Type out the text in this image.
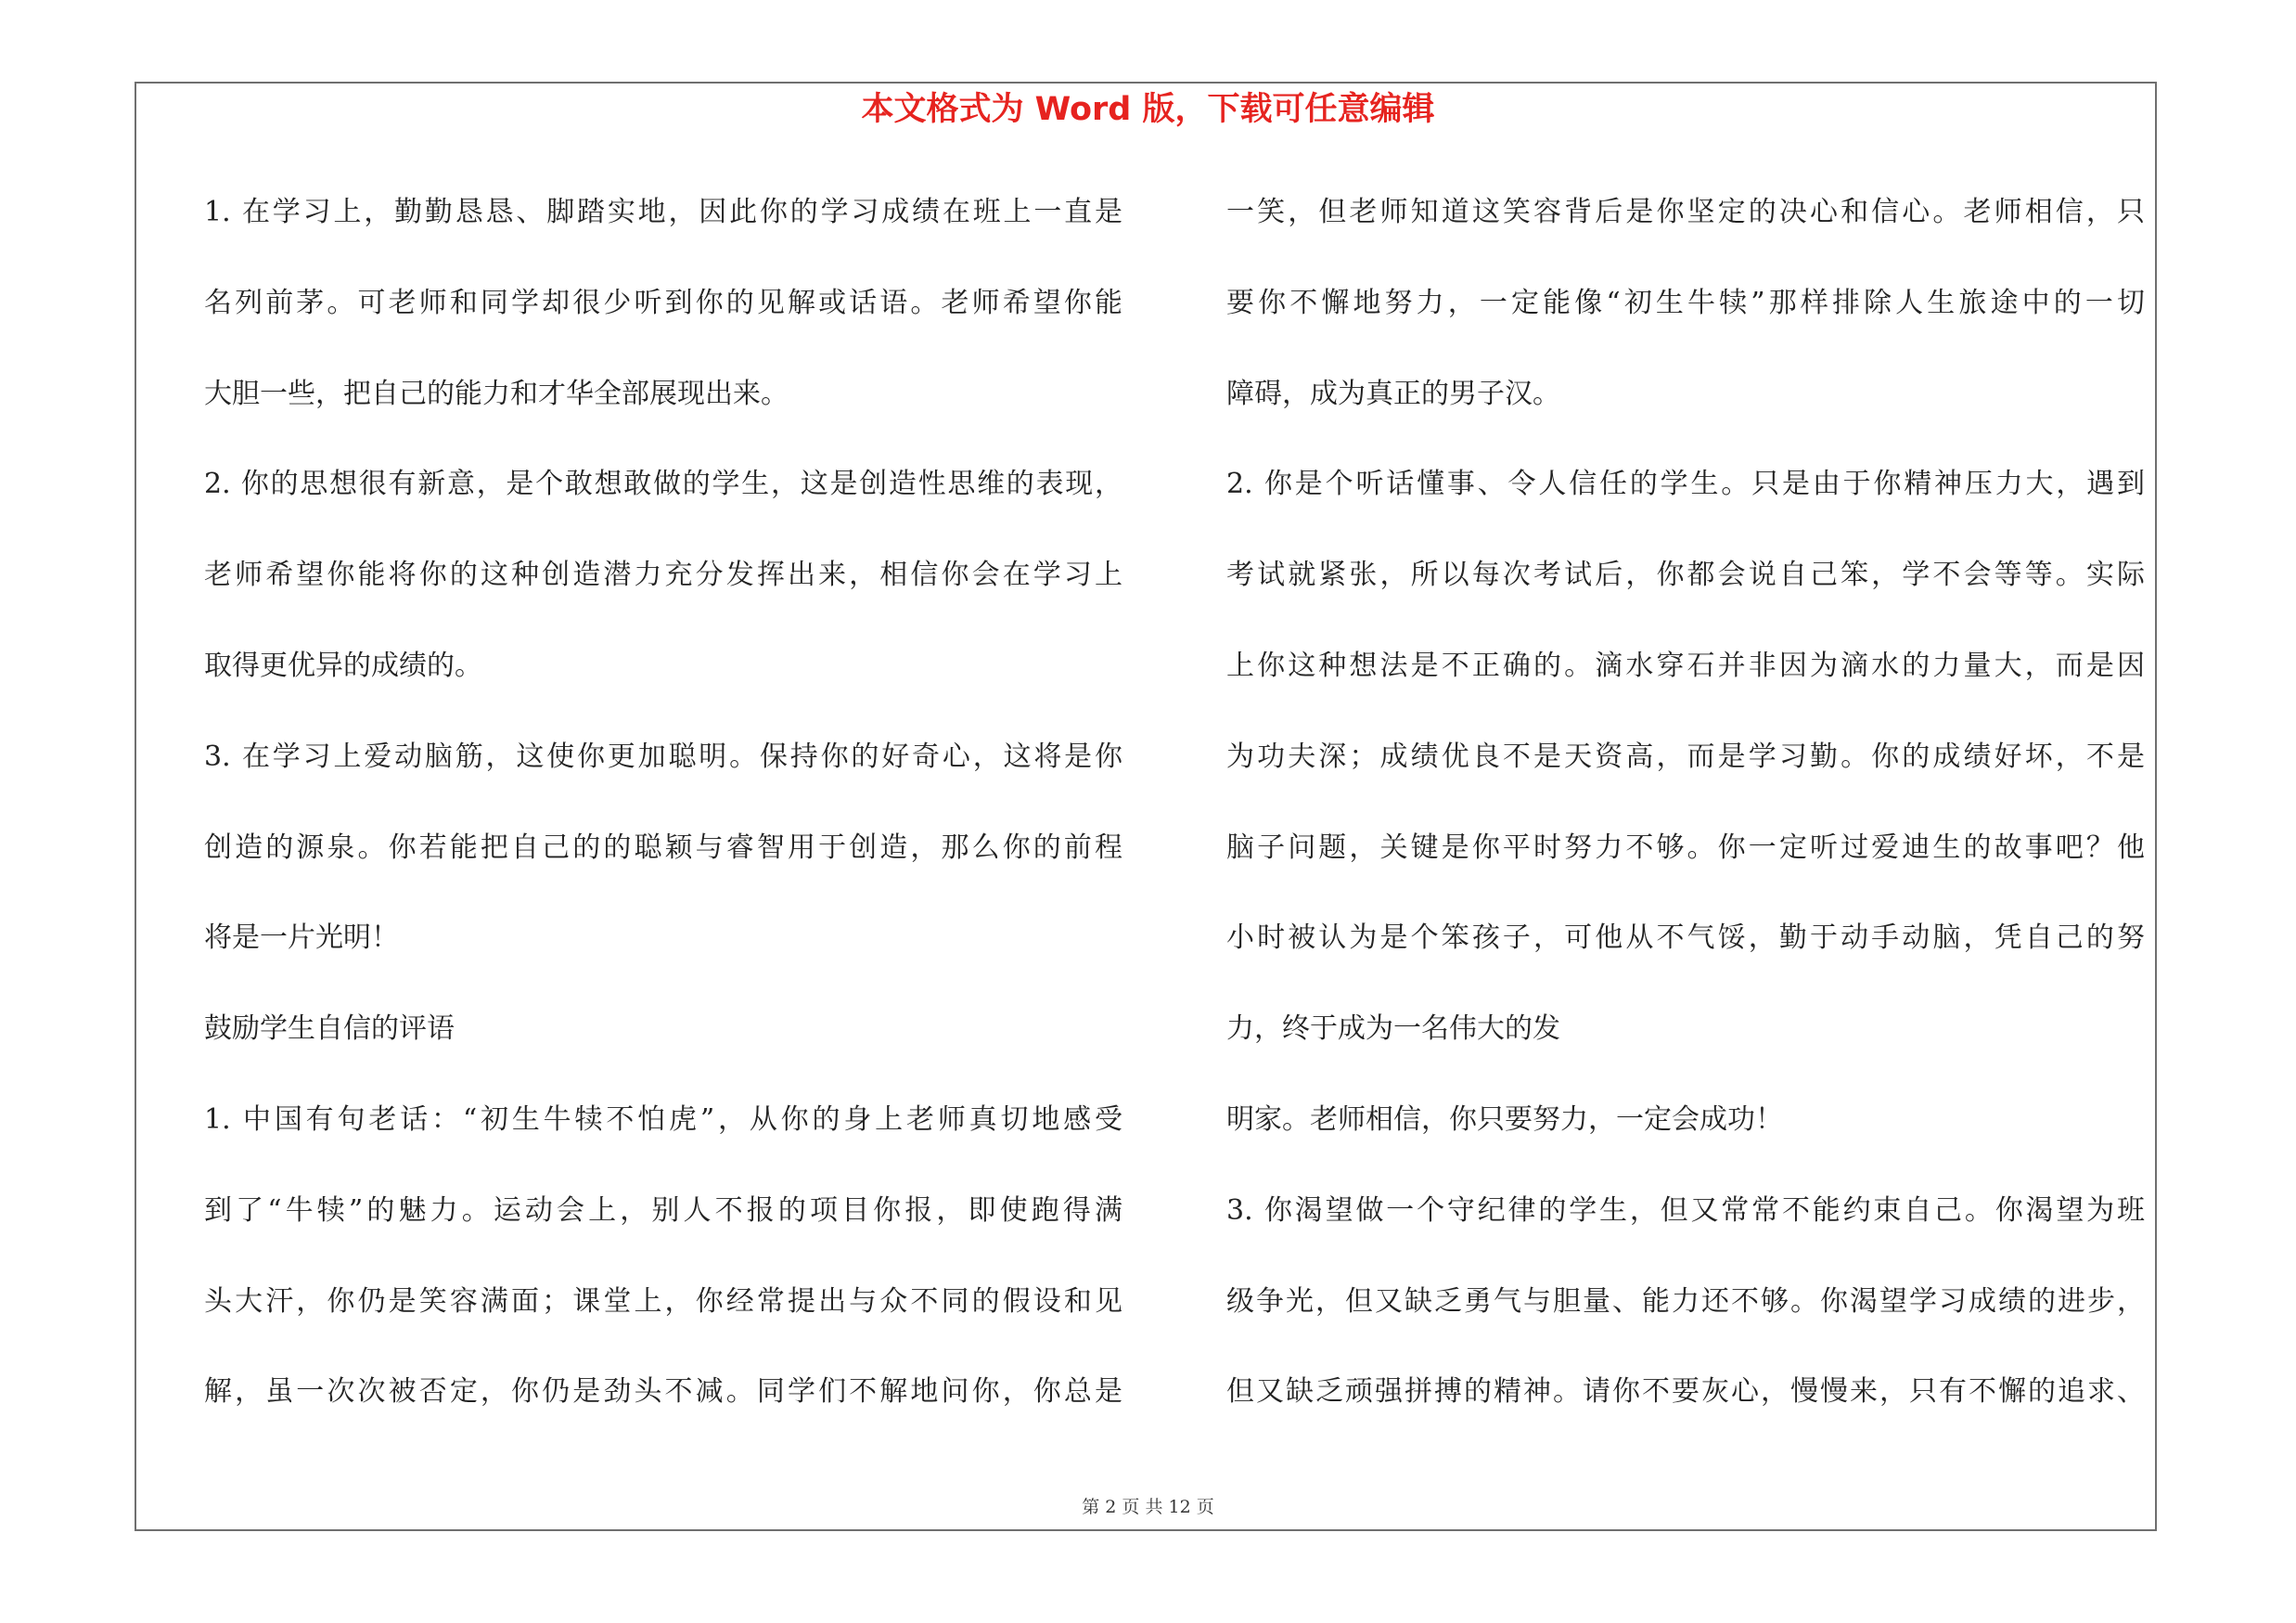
本文格式为 Word 版，下载可任意编辑
1. 在学习上，勤勤恳恳、脚踏实地，因此你的学习成绩在班上一直是
名列前茅。可老师和同学却很少听到你的见解或话语。老师希望你能
大胆一些，把自己的能力和才华全部展现出来。
2. 你的思想很有新意，是个敢想敢做的学生，这是创造性思维的表现，
老师希望你能将你的这种创造潜力充分发挥出来，相信你会在学习上
取得更优异的成绩的。
3. 在学习上爱动脑筋，这使你更加聪明。保持你的好奇心，这将是你
创造的源泉。你若能把自己的的聪颖与睿智用于创造，那么你的前程
将是一片光明！
鼓励学生自信的评语
1. 中国有句老话：“初生牛犊不怕虎”，从你的身上老师真切地感受
到了“牛犊”的魅力。运动会上，别人不报的项目你报，即使跑得满
头大汗，你仍是笑容满面；课堂上，你经常提出与众不同的假设和见
解，虽一次次被否定，你仍是劲头不减。同学们不解地问你，你总是
一笑，但老师知道这笑容背后是你坚定的决心和信心。老师相信，只
要你不懈地努力，一定能像“初生牛犊”那样排除人生旅途中的一切
障碍，成为真正的男子汉。
2. 你是个听话懂事、令人信任的学生。只是由于你精神压力大，遇到
考试就紧张，所以每次考试后，你都会说自己笨，学不会等等。实际
上你这种想法是不正确的。滴水穿石并非因为滴水的力量大，而是因
为功夫深；成绩优良不是天资高，而是学习勤。你的成绩好坏，不是
脑子问题，关键是你平时努力不够。你一定听过爱迪生的故事吧？他
小时被认为是个笨孩子，可他从不气馁，勤于动手动脑，凭自己的努
力，终于成为一名伟大的发
明家。老师相信，你只要努力，一定会成功！
3. 你渴望做一个守纪律的学生，但又常常不能约束自己。你渴望为班
级争光，但又缺乏勇气与胆量、能力还不够。你渴望学习成绩的进步，
但又缺乏顽强拼搏的精神。请你不要灰心，慢慢来，只有不懈的追求、
第 2 页 共 12 页
